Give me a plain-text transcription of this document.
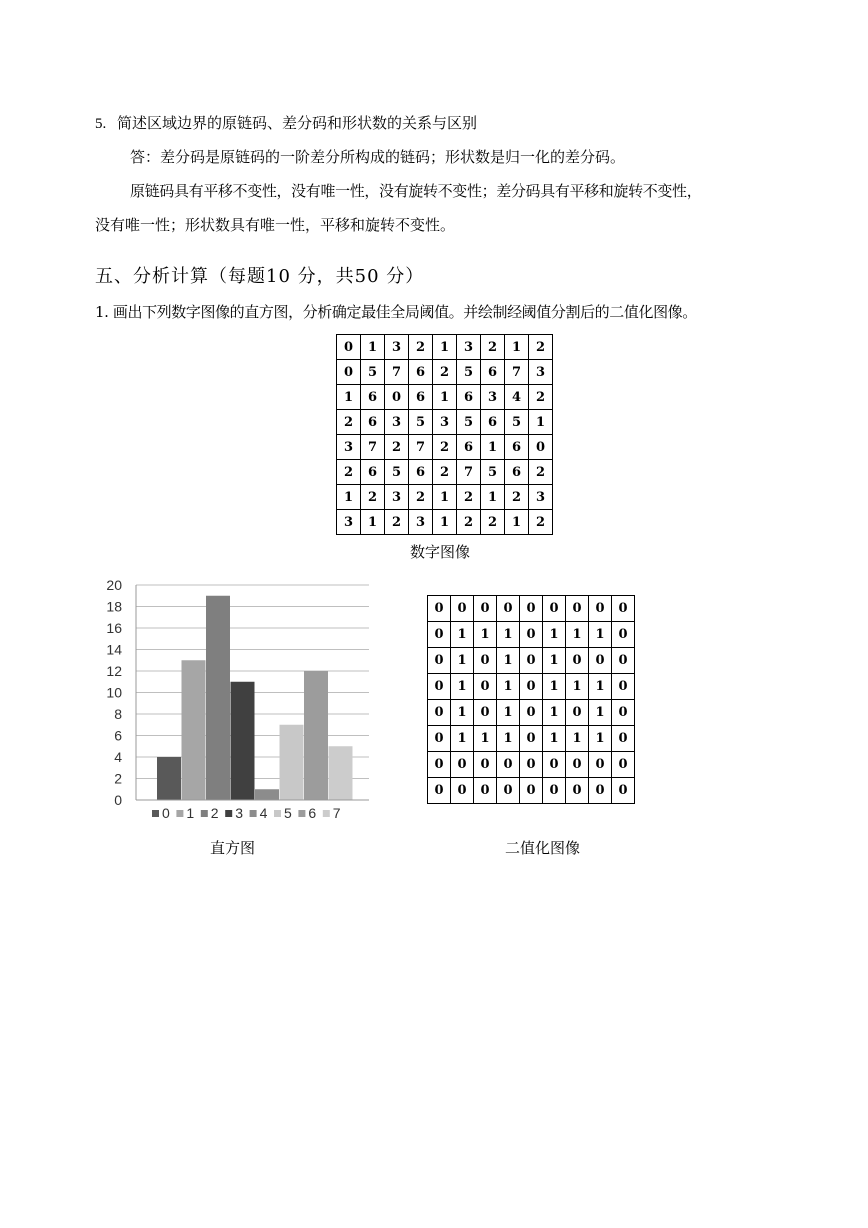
5. 简述区域边界的原链码、差分码和形状数的关系与区别
答：差分码是原链码的一阶差分所构成的链码；形状数是归一化的差分码。
原链码具有平移不变性，没有唯一性，没有旋转不变性；差分码具有平移和旋转不变性，
没有唯一性；形状数具有唯一性，平移和旋转不变性。
五、分析计算（每题10 分，共50 分）
1. 画出下列数字图像的直方图，分析确定最佳全局阈值。并绘制经阈值分割后的二值化图像。
0	1	3	2	1	3	2	1	2
0	5	7	6	2	5	6	7	3
1	6	0	6	1	6	3	4	2
2	6	3	5	3	5	6	5	1
3	7	2	7	2	6	1	6	0
2	6	5	6	2	7	5	6	2
1	2	3	2	1	2	1	2	3
3	1	2	3	1	2	2	1	2
数字图像
0
2
4
6
8
10
12
14
16
18
20
0 1 2 3 4 5 6 7
直方图
0	0	0	0	0	0	0	0	0
0	1	1	1	0	1	1	1	0
0	1	0	1	0	1	0	0	0
0	1	0	1	0	1	1	1	0
0	1	0	1	0	1	0	1	0
0	1	1	1	0	1	1	1	0
0	0	0	0	0	0	0	0	0
0	0	0	0	0	0	0	0	0
二值化图像
